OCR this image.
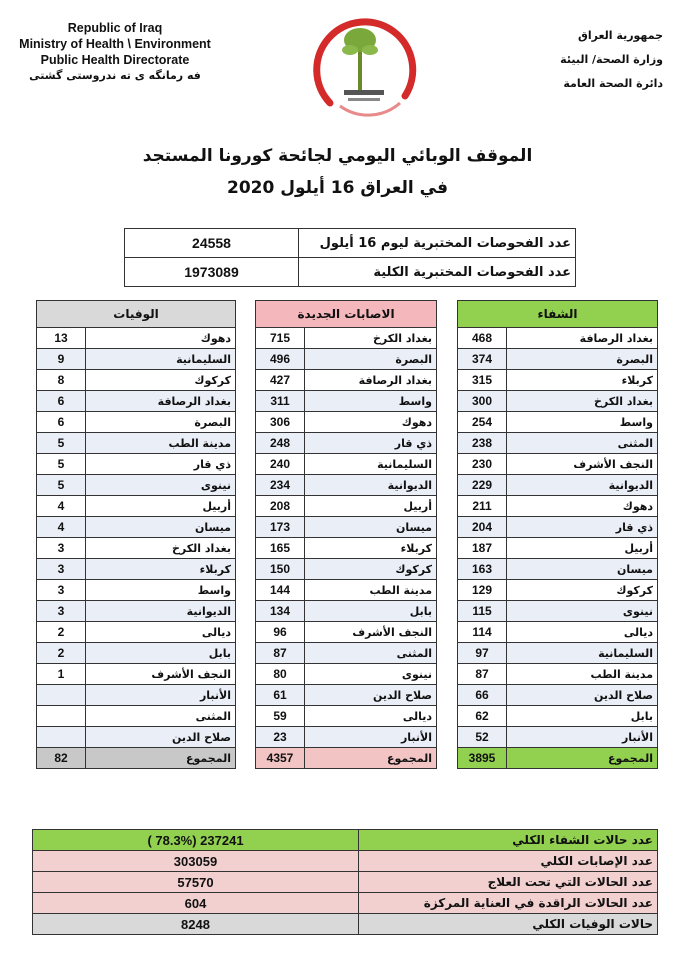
Republic of Iraq
Ministry of Health \ Environment
Public Health Directorate
فه رمانگه ی ته ندروستی گشتی
جمهورية العراق
وزارة الصحة/ البيئة
دائرة الصحة العامة
الموقف الوبائي اليومي لجائحة كورونا المستجد
في العراق 16 أيلول 2020
24558	عدد الفحوصات المختبرية ليوم 16 أيلول
1973089	عدد الفحوصات المختبرية الكلية
الوفيات	
13	دهوك
9	السليمانية
8	كركوك
6	بغداد الرصافة
6	البصرة
5	مدينة الطب
5	ذي قار
5	نينوى
4	أربيل
4	ميسان
3	بغداد الكرخ
3	كربلاء
3	واسط
3	الديوانية
2	ديالى
2	بابل
1	النجف الأشرف
	الأنبار
	المثنى
	صلاح الدين
82	المجموع
الاصابات الجديدة	
715	بغداد الكرخ
496	البصرة
427	بغداد الرصافة
311	واسط
306	دهوك
248	ذي قار
240	السليمانية
234	الديوانية
208	أربيل
173	ميسان
165	كربلاء
150	كركوك
144	مدينة الطب
134	بابل
96	النجف الأشرف
87	المثنى
80	نينوى
61	صلاح الدين
59	ديالى
23	الأنبار
4357	المجموع
الشفاء	
468	بغداد الرصافة
374	البصرة
315	كربلاء
300	بغداد الكرخ
254	واسط
238	المثنى
230	النجف الأشرف
229	الديوانية
211	دهوك
204	ذي قار
187	أربيل
163	ميسان
129	كركوك
115	نينوى
114	ديالى
97	السليمانية
87	مدينة الطب
66	صلاح الدين
62	بابل
52	الأنبار
3895	المجموع
( 78.3%) 237241	عدد حالات الشفاء الكلي
303059	عدد الإصابات الكلي
57570	عدد الحالات التي تحت العلاج
604	عدد الحالات الراقدة في العناية المركزة
8248	حالات الوفيات الكلي
